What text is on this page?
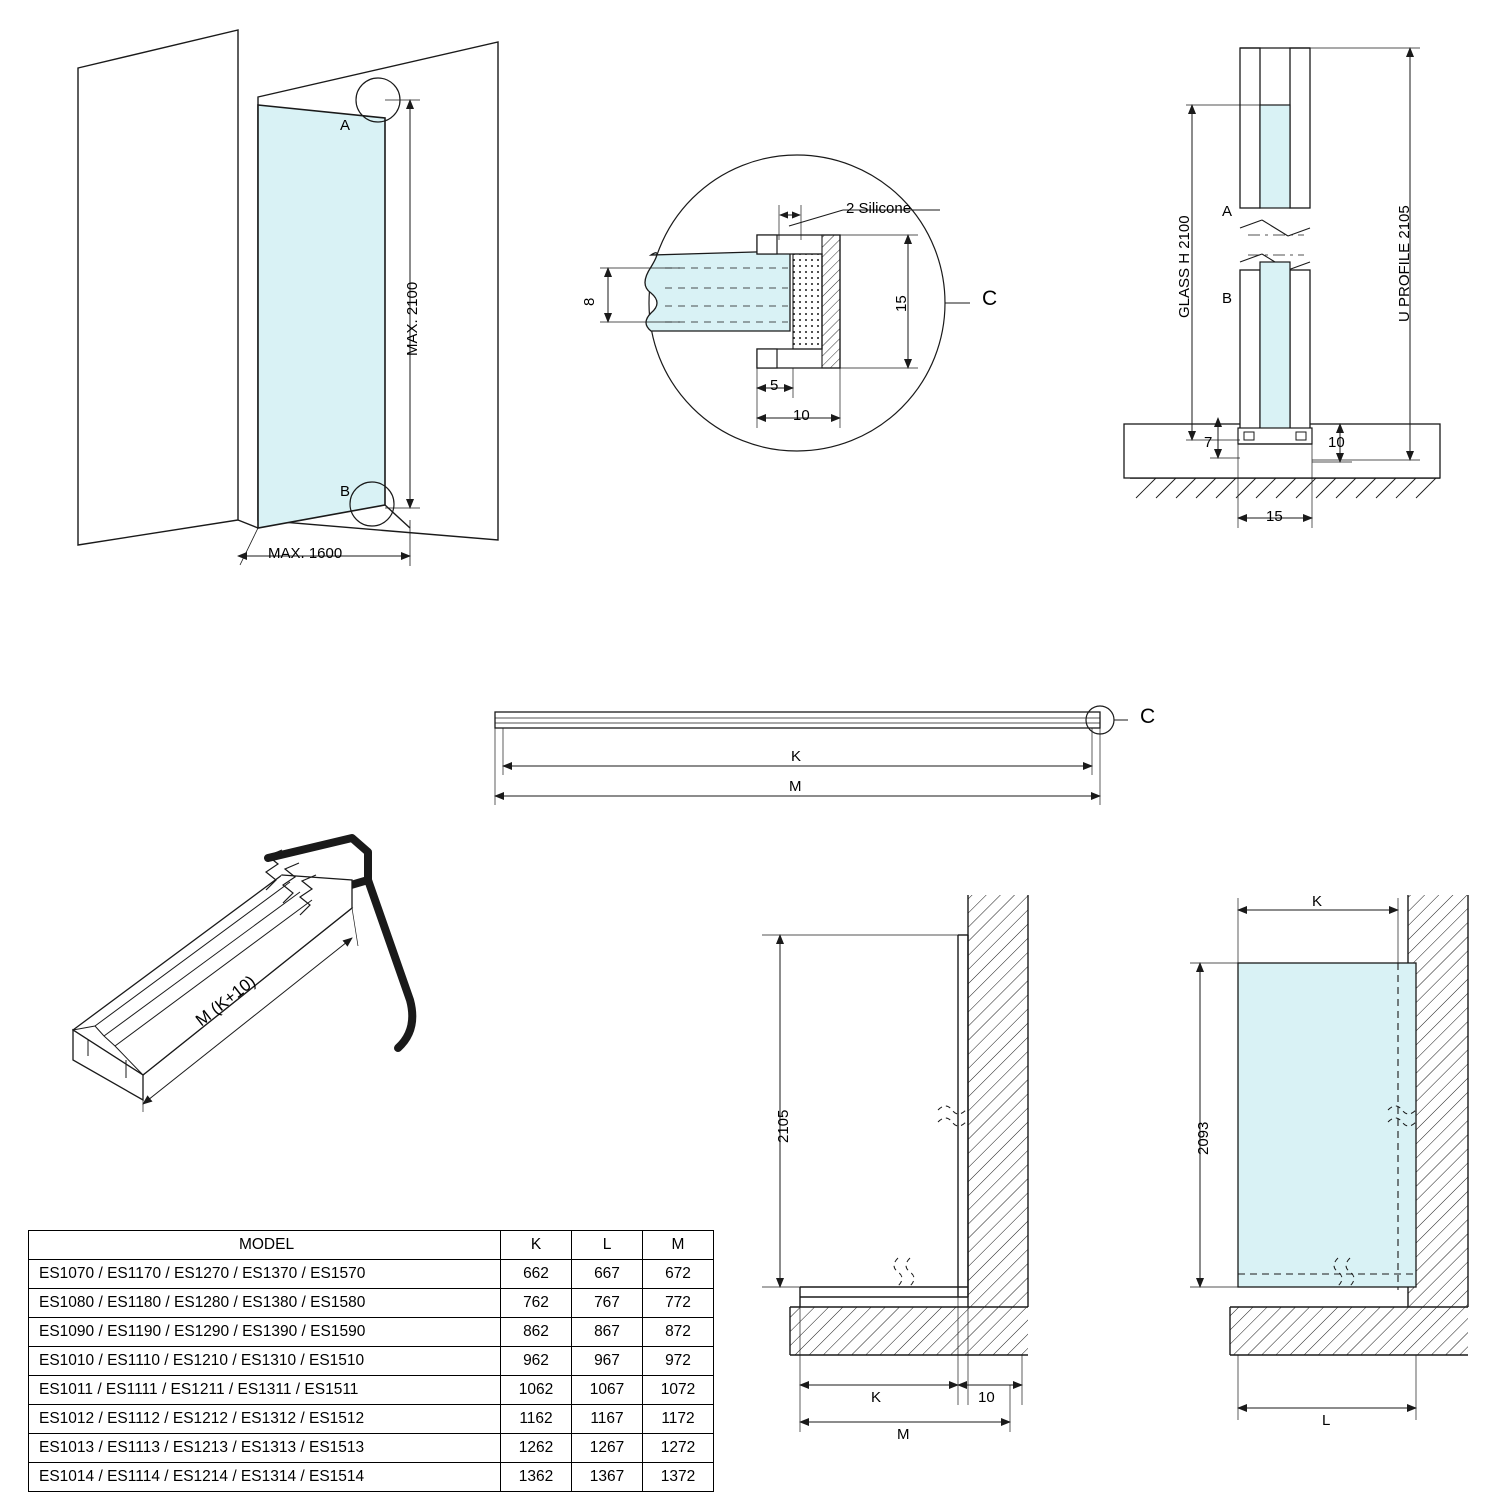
A
B
MAX. 2100
MAX. 1600
C
2 Silicone
8	15
5
10
GLASS H 2100	U PROFILE 2105
A
B
7	10
15
C
K
M
M (K+10)
2105
K	10
M
K
2093
L
MODEL	K	L	M
ES1070 / ES1170 / ES1270 / ES1370 / ES1570	662	667	672
ES1080 / ES1180 / ES1280 / ES1380 / ES1580	762	767	772
ES1090 / ES1190 / ES1290 / ES1390 / ES1590	862	867	872
ES1010 / ES1110 / ES1210 / ES1310 / ES1510	962	967	972
ES1011 / ES1111 / ES1211 / ES1311 / ES1511	1062	1067	1072
ES1012 / ES1112 / ES1212 / ES1312 / ES1512	1162	1167	1172
ES1013 / ES1113 / ES1213 / ES1313 / ES1513	1262	1267	1272
ES1014 / ES1114 / ES1214 / ES1314 / ES1514	1362	1367	1372
